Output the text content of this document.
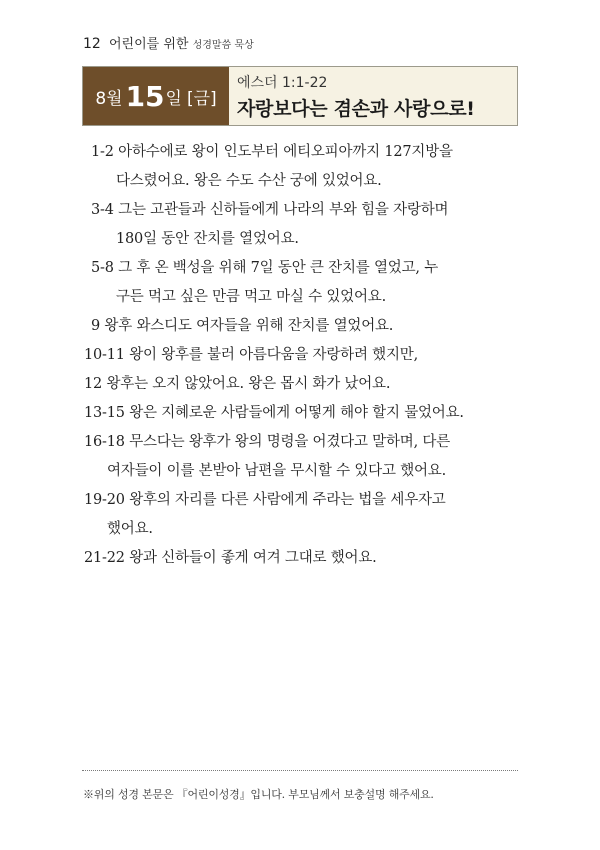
12 어린이를 위한 성경말씀 묵상
8월 15 일 [금]
에스더 1:1-22
자랑보다는 겸손과 사랑으로!
1-2 아하수에로 왕이 인도부터 에티오피아까지 127지방을
다스렸어요. 왕은 수도 수산 궁에 있었어요.
3-4 그는 고관들과 신하들에게 나라의 부와 힘을 자랑하며
180일 동안 잔치를 열었어요.
5-8 그 후 온 백성을 위해 7일 동안 큰 잔치를 열었고, 누
구든 먹고 싶은 만큼 먹고 마실 수 있었어요.
9 왕후 와스디도 여자들을 위해 잔치를 열었어요.
10-11 왕이 왕후를 불러 아름다움을 자랑하려 했지만,
12 왕후는 오지 않았어요. 왕은 몹시 화가 났어요.
13-15 왕은 지혜로운 사람들에게 어떻게 해야 할지 물었어요.
16-18 무스다는 왕후가 왕의 명령을 어겼다고 말하며, 다른
여자들이 이를 본받아 남편을 무시할 수 있다고 했어요.
19-20 왕후의 자리를 다른 사람에게 주라는 법을 세우자고
했어요.
21-22 왕과 신하들이 좋게 여겨 그대로 했어요.
※위의 성경 본문은 『어린이성경』입니다. 부모님께서 보충설명 해주세요.
